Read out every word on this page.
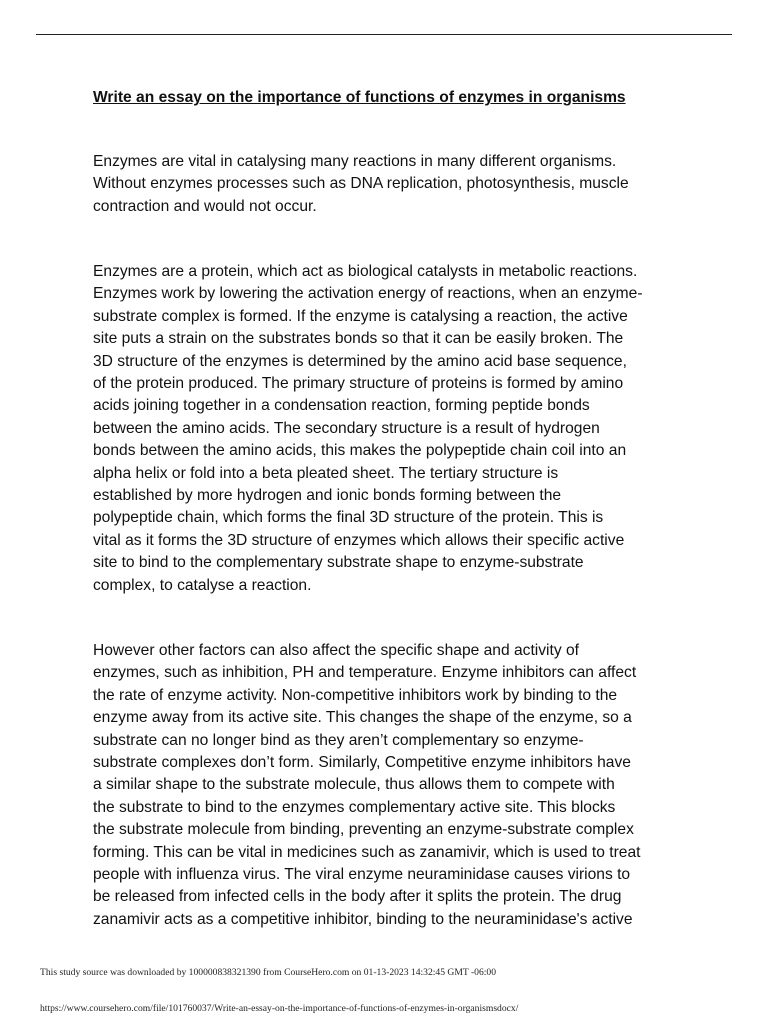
Write an essay on the importance of functions of enzymes in organisms
Enzymes are vital in catalysing many reactions in many different organisms.
Without enzymes processes such as DNA replication, photosynthesis, muscle
contraction and would not occur.
Enzymes are a protein, which act as biological catalysts in metabolic reactions.
Enzymes work by lowering the activation energy of reactions, when an enzyme-
substrate complex is formed. If the enzyme is catalysing a reaction, the active
site puts a strain on the substrates bonds so that it can be easily broken. The
3D structure of the enzymes is determined by the amino acid base sequence,
of the protein produced. The primary structure of proteins is formed by amino
acids joining together in a condensation reaction, forming peptide bonds
between the amino acids. The secondary structure is a result of hydrogen
bonds between the amino acids, this makes the polypeptide chain coil into an
alpha helix or fold into a beta pleated sheet. The tertiary structure is
established by more hydrogen and ionic bonds forming between the
polypeptide chain, which forms the final 3D structure of the protein. This is
vital as it forms the 3D structure of enzymes which allows their specific active
site to bind to the complementary substrate shape to enzyme-substrate
complex, to catalyse a reaction.
However other factors can also affect the specific shape and activity of
enzymes, such as inhibition, PH and temperature. Enzyme inhibitors can affect
the rate of enzyme activity. Non-competitive inhibitors work by binding to the
enzyme away from its active site. This changes the shape of the enzyme, so a
substrate can no longer bind as they aren’t complementary so enzyme-
substrate complexes don’t form. Similarly, Competitive enzyme inhibitors have
a similar shape to the substrate molecule, thus allows them to compete with
the substrate to bind to the enzymes complementary active site. This blocks
the substrate molecule from binding, preventing an enzyme-substrate complex
forming. This can be vital in medicines such as zanamivir, which is used to treat
people with influenza virus. The viral enzyme neuraminidase causes virions to
be released from infected cells in the body after it splits the protein. The drug
zanamivir acts as a competitive inhibitor, binding to the neuraminidase's active
This study source was downloaded by 100000838321390 from CourseHero.com on 01-13-2023 14:32:45 GMT -06:00
https://www.coursehero.com/file/101760037/Write-an-essay-on-the-importance-of-functions-of-enzymes-in-organismsdocx/
